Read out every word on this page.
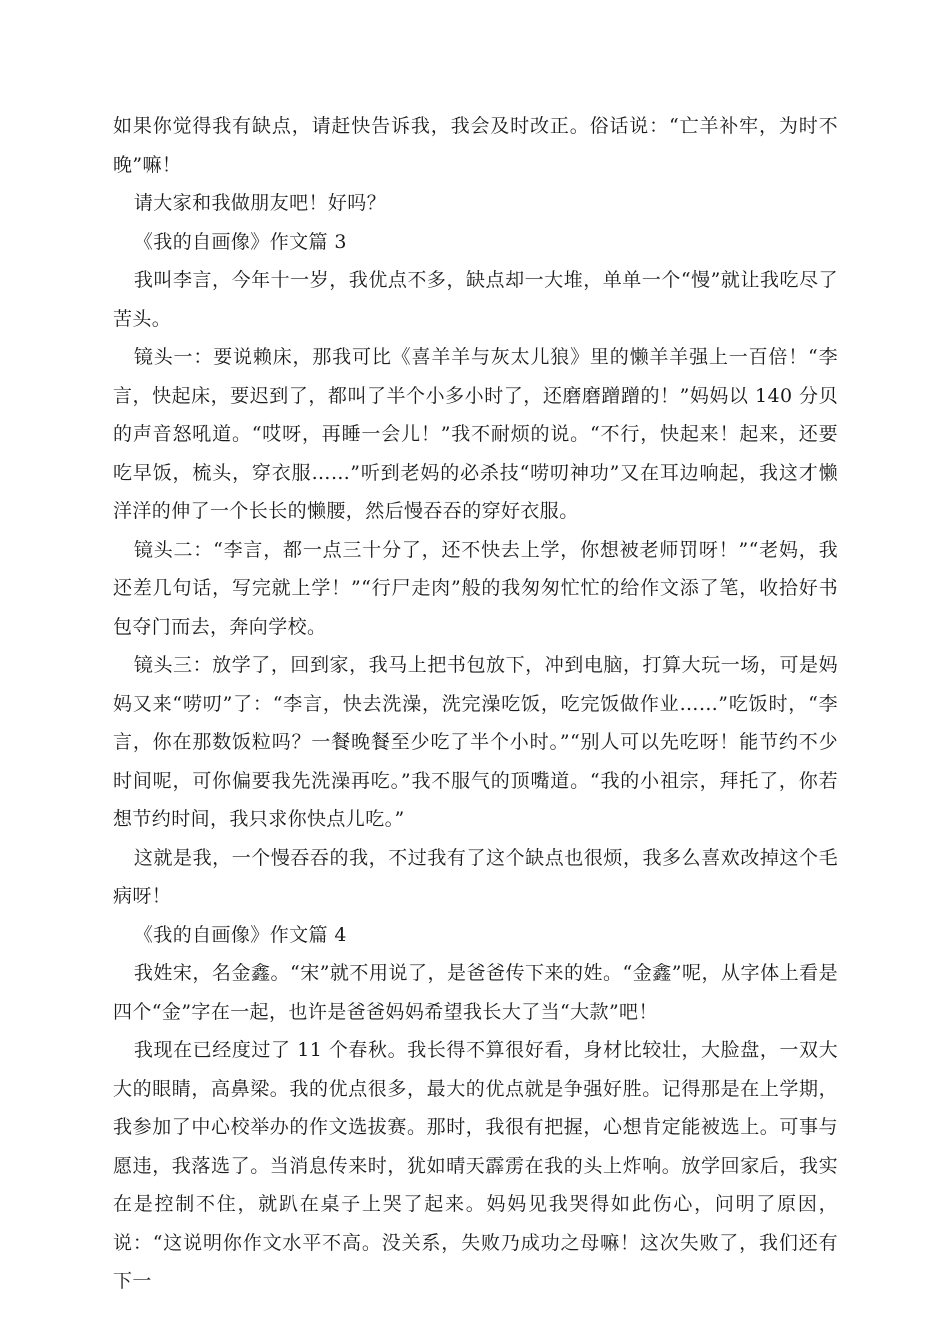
如果你觉得我有缺点，请赶快告诉我，我会及时改正。俗话说：“亡羊补牢，为时不晚”嘛！

请大家和我做朋友吧！好吗？

《我的自画像》作文篇 3

我叫李言，今年十一岁，我优点不多，缺点却一大堆，单单一个“慢”就让我吃尽了苦头。

镜头一：要说赖床，那我可比《喜羊羊与灰太儿狼》里的懒羊羊强上一百倍！“李言，快起床，要迟到了，都叫了半个小多小时了，还磨磨蹭蹭的！”妈妈以 140 分贝的声音怒吼道。“哎呀，再睡一会儿！”我不耐烦的说。“不行，快起来！起来，还要吃早饭，梳头，穿衣服……”听到老妈的必杀技“唠叨神功”又在耳边响起，我这才懒洋洋的伸了一个长长的懒腰，然后慢吞吞的穿好衣服。

镜头二：“李言，都一点三十分了，还不快去上学，你想被老师罚呀！”“老妈，我还差几句话，写完就上学！”“行尸走肉”般的我匆匆忙忙的给作文添了笔，收拾好书包夺门而去，奔向学校。

镜头三：放学了，回到家，我马上把书包放下，冲到电脑，打算大玩一场，可是妈妈又来“唠叨”了：“李言，快去洗澡，洗完澡吃饭，吃完饭做作业……”吃饭时，“李言，你在那数饭粒吗？一餐晚餐至少吃了半个小时。”“别人可以先吃呀！能节约不少时间呢，可你偏要我先洗澡再吃。”我不服气的顶嘴道。“我的小祖宗，拜托了，你若想节约时间，我只求你快点儿吃。”

这就是我，一个慢吞吞的我，不过我有了这个缺点也很烦，我多么喜欢改掉这个毛病呀！

《我的自画像》作文篇 4

我姓宋，名金鑫。“宋”就不用说了，是爸爸传下来的姓。“金鑫”呢，从字体上看是四个“金”字在一起，也许是爸爸妈妈希望我长大了当“大款”吧！

我现在已经度过了 11 个春秋。我长得不算很好看，身材比较壮，大脸盘，一双大大的眼睛，高鼻梁。我的优点很多，最大的优点就是争强好胜。记得那是在上学期，我参加了中心校举办的作文选拔赛。那时，我很有把握，心想肯定能被选上。可事与愿违，我落选了。当消息传来时，犹如晴天霹雳在我的头上炸响。放学回家后，我实在是控制不住，就趴在桌子上哭了起来。妈妈见我哭得如此伤心，问明了原因，说：“这说明你作文水平不高。没关系，失败乃成功之母嘛！这次失败了，我们还有下一
